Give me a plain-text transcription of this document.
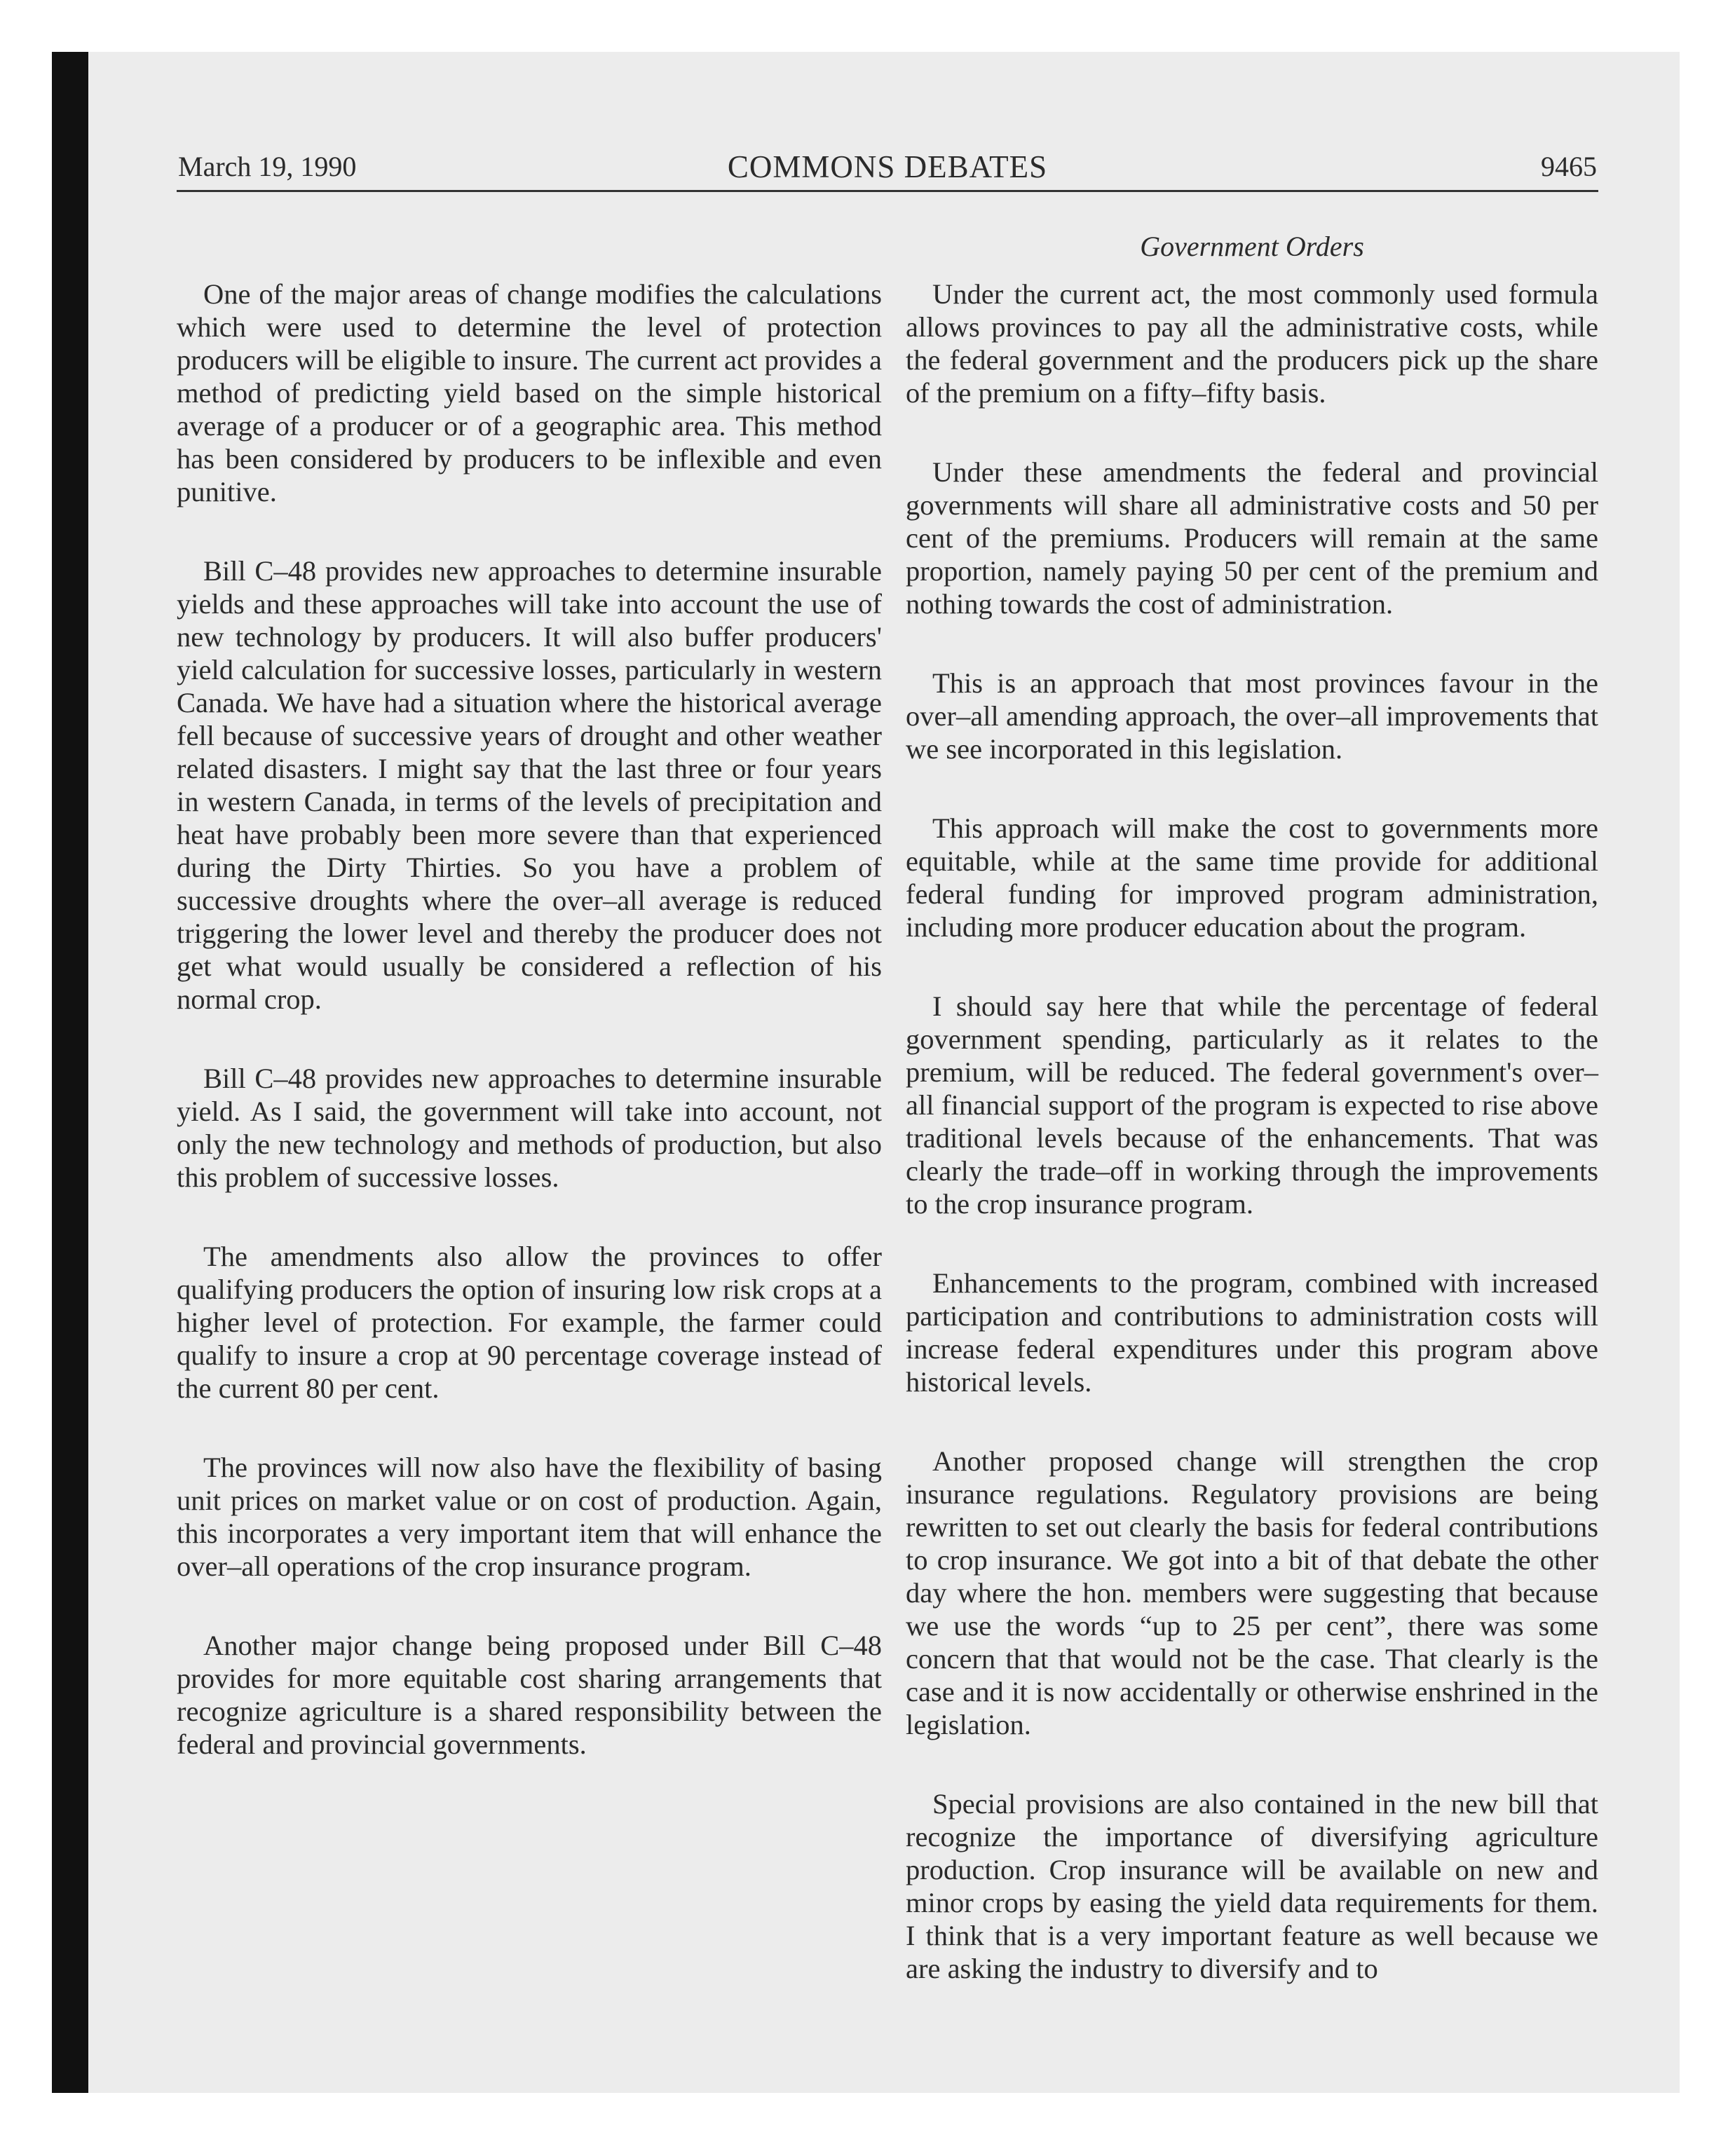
March 19, 1990	COMMONS DEBATES	9465
Government Orders

One of the major areas of change modifies the calculations which were used to determine the level of protection producers will be eligible to insure. The current act provides a method of predicting yield based on the simple historical average of a producer or of a geographic area. This method has been considered by producers to be inflexible and even punitive.

Bill C–48 provides new approaches to determine insurable yields and these approaches will take into account the use of new technology by producers. It will also buffer producers' yield calculation for successive losses, particularly in western Canada. We have had a situation where the historical average fell because of successive years of drought and other weather related disasters. I might say that the last three or four years in western Canada, in terms of the levels of precipitation and heat have probably been more severe than that experienced during the Dirty Thirties. So you have a problem of successive droughts where the over–all average is reduced triggering the lower level and thereby the producer does not get what would usually be considered a reflection of his normal crop.

Bill C–48 provides new approaches to determine insurable yield. As I said, the government will take into account, not only the new technology and methods of production, but also this problem of successive losses.

The amendments also allow the provinces to offer qualifying producers the option of insuring low risk crops at a higher level of protection. For example, the farmer could qualify to insure a crop at 90 percentage coverage instead of the current 80 per cent.

The provinces will now also have the flexibility of basing unit prices on market value or on cost of production. Again, this incorporates a very important item that will enhance the over–all operations of the crop insurance program.

Another major change being proposed under Bill C–48 provides for more equitable cost sharing arrangements that recognize agriculture is a shared responsibility between the federal and provincial governments.

Under the current act, the most commonly used formula allows provinces to pay all the administrative costs, while the federal government and the producers pick up the share of the premium on a fifty–fifty basis.

Under these amendments the federal and provincial governments will share all administrative costs and 50 per cent of the premiums. Producers will remain at the same proportion, namely paying 50 per cent of the premium and nothing towards the cost of administration.

This is an approach that most provinces favour in the over–all amending approach, the over–all improvements that we see incorporated in this legislation.

This approach will make the cost to governments more equitable, while at the same time provide for additional federal funding for improved program administration, including more producer education about the program.

I should say here that while the percentage of federal government spending, particularly as it relates to the premium, will be reduced. The federal government's over–all financial support of the program is expected to rise above traditional levels because of the enhancements. That was clearly the trade–off in working through the improvements to the crop insurance program.

Enhancements to the program, combined with increased participation and contributions to administration costs will increase federal expenditures under this program above historical levels.

Another proposed change will strengthen the crop insurance regulations. Regulatory provisions are being rewritten to set out clearly the basis for federal contributions to crop insurance. We got into a bit of that debate the other day where the hon. members were suggesting that because we use the words “up to 25 per cent”, there was some concern that that would not be the case. That clearly is the case and it is now accidentally or otherwise enshrined in the legislation.

Special provisions are also contained in the new bill that recognize the importance of diversifying agriculture production. Crop insurance will be available on new and minor crops by easing the yield data requirements for them. I think that is a very important feature as well because we are asking the industry to diversify and to
